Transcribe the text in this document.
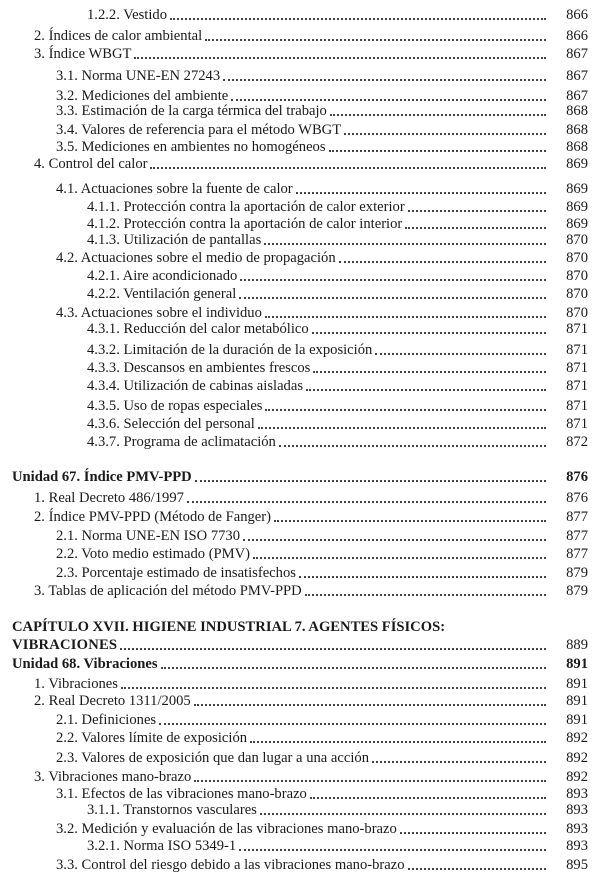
1.2.2. Vestido	866
2. Índices de calor ambiental	866
3. Índice WBGT	867
3.1. Norma UNE-EN 27243	867
3.2. Mediciones del ambiente	867
3.3. Estimación de la carga térmica del trabajo	868
3.4. Valores de referencia para el método WBGT	868
3.5. Mediciones en ambientes no homogéneos	868
4. Control del calor	869
4.1. Actuaciones sobre la fuente de calor	869
4.1.1. Protección contra la aportación de calor exterior	869
4.1.2. Protección contra la aportación de calor interior	869
4.1.3. Utilización de pantallas	870
4.2. Actuaciones sobre el medio de propagación	870
4.2.1. Aire acondicionado	870
4.2.2. Ventilación general	870
4.3. Actuaciones sobre el individuo	870
4.3.1. Reducción del calor metabólico	871
4.3.2. Limitación de la duración de la exposición	871
4.3.3. Descansos en ambientes frescos	871
4.3.4. Utilización de cabinas aisladas	871
4.3.5. Uso de ropas especiales	871
4.3.6. Selección del personal	871
4.3.7. Programa de aclimatación	872
Unidad 67. Índice PMV-PPD	876
1. Real Decreto 486/1997	876
2. Índice PMV-PPD (Método de Fanger)	877
2.1. Norma UNE-EN ISO 7730	877
2.2. Voto medio estimado (PMV)	877
2.3. Porcentaje estimado de insatisfechos	879
3. Tablas de aplicación del método PMV-PPD	879
CAPÍTULO XVII. HIGIENE INDUSTRIAL 7. AGENTES FÍSICOS:
VIBRACIONES	889
Unidad 68. Vibraciones	891
1. Vibraciones	891
2. Real Decreto 1311/2005	891
2.1. Definiciones	891
2.2. Valores límite de exposición	892
2.3. Valores de exposición que dan lugar a una acción	892
3. Vibraciones mano-brazo	892
3.1. Efectos de las vibraciones mano-brazo	893
3.1.1. Transtornos vasculares	893
3.2. Medición y evaluación de las vibraciones mano-brazo	893
3.2.1. Norma ISO 5349-1	893
3.3. Control del riesgo debido a las vibraciones mano-brazo	895
